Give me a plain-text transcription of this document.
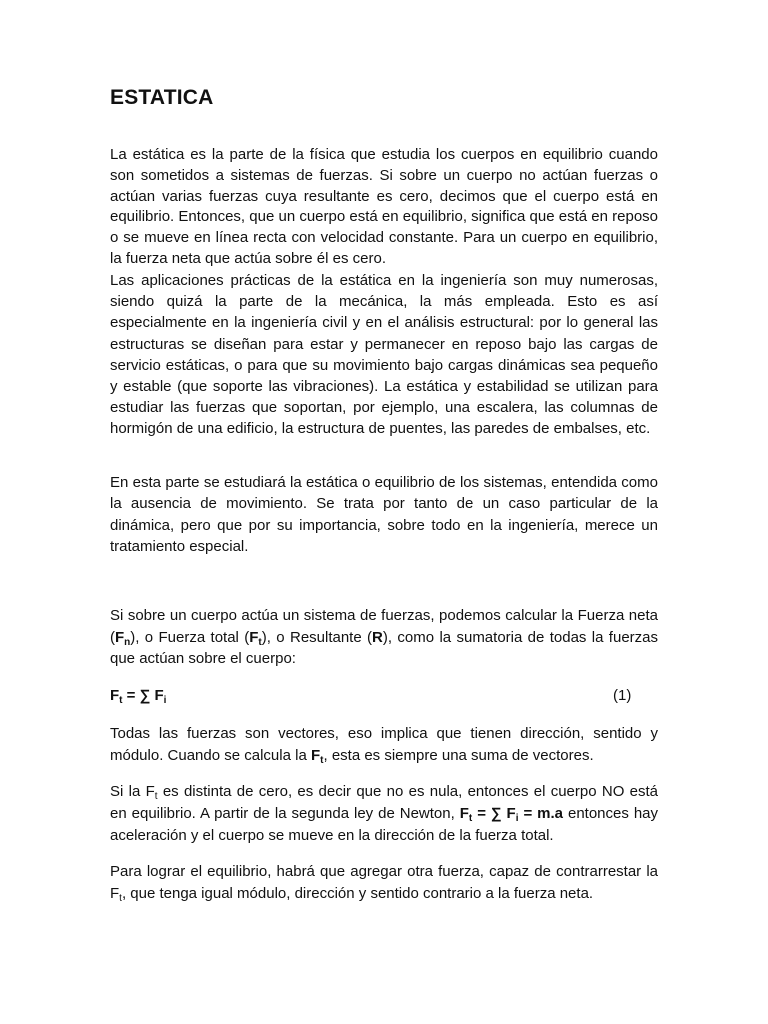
ESTATICA

La estática es la parte de la física que estudia los cuerpos en equilibrio cuando son sometidos a sistemas de fuerzas. Si sobre un cuerpo no actúan fuerzas o actúan varias fuerzas cuya resultante es cero, decimos que el cuerpo está en equilibrio. Entonces, que un cuerpo está en equilibrio, significa que está en reposo o se mueve en línea recta con velocidad constante. Para un cuerpo en equilibrio, la fuerza neta que actúa sobre él es cero.

Las aplicaciones prácticas de la estática en la ingeniería son muy numerosas, siendo quizá la parte de la mecánica, la más empleada. Esto es así especialmente en la ingeniería civil y en el análisis estructural: por lo general las estructuras se diseñan para estar y permanecer en reposo bajo las cargas de servicio estáticas, o para que su movimiento bajo cargas dinámicas sea pequeño y estable (que soporte las vibraciones). La estática y estabilidad se utilizan para estudiar las fuerzas que soportan, por ejemplo, una escalera, las columnas de hormigón de una edificio, la estructura de puentes, las paredes de embalses, etc.

En esta parte se estudiará la estática o equilibrio de los sistemas, entendida como la ausencia de movimiento. Se trata por tanto de un caso particular de la dinámica, pero que por su importancia, sobre todo en la ingeniería, merece un tratamiento especial.

Si sobre un cuerpo actúa un sistema de fuerzas, podemos calcular la Fuerza neta $(F_n)$, o Fuerza total $(F_t)$, o Resultante (R), como la sumatoria de todas la fuerzas que actúan sobre el cuerpo:

$F_t$ = ∑ $F_i$	(1)

Todas las fuerzas son vectores, eso implica que tienen dirección, sentido y módulo. Cuando se calcula la $F_t$, esta es siempre una suma de vectores.

Si la $F_t$ es distinta de cero, es decir que no es nula, entonces el cuerpo NO está en equilibrio. A partir de la segunda ley de Newton, $F_t$ = ∑ $F_i = m.a$ entonces hay aceleración y el cuerpo se mueve en la dirección de la fuerza total.

Para lograr el equilibrio, habrá que agregar otra fuerza, capaz de contrarrestar la $F_t$, que tenga igual módulo, dirección y sentido contrario a la fuerza neta.
